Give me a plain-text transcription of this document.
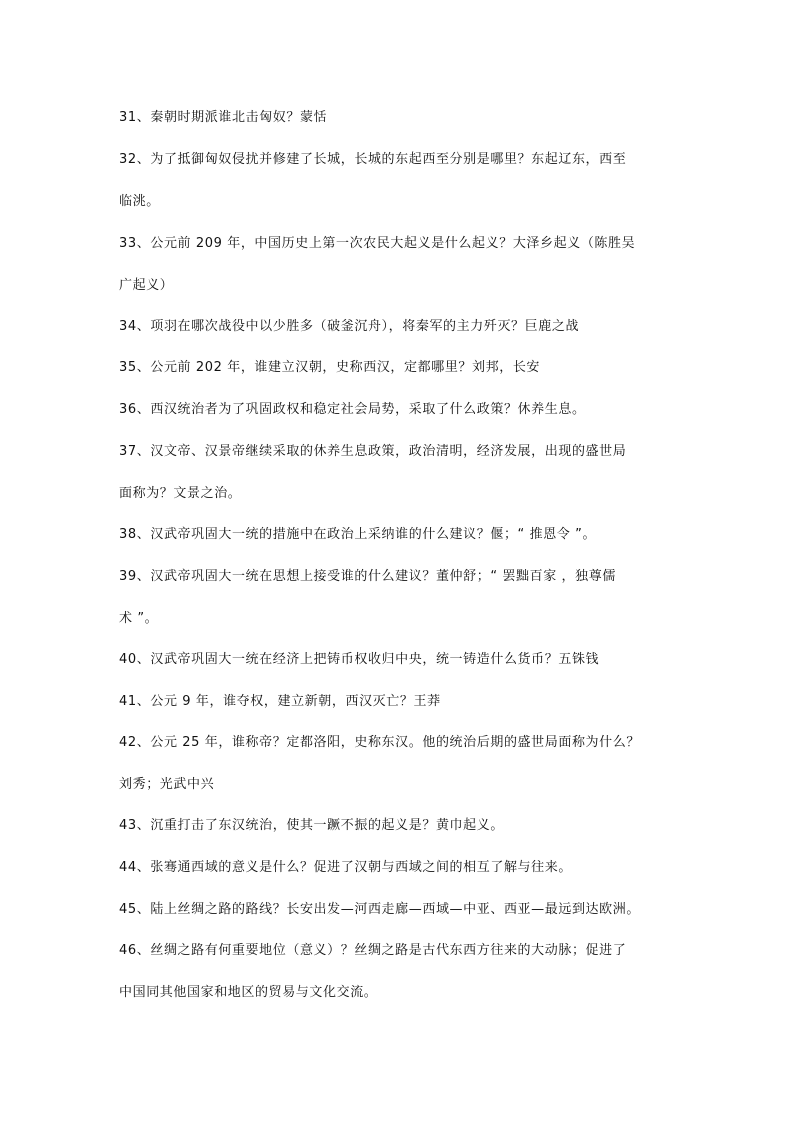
31、秦朝时期派谁北击匈奴？蒙恬
32、为了抵御匈奴侵扰并修建了长城，长城的东起西至分别是哪里？东起辽东，西至
临洮。
33、公元前 209 年，中国历史上第一次农民大起义是什么起义？大泽乡起义（陈胜吴
广起义）
34、项羽在哪次战役中以少胜多（破釜沉舟），将秦军的主力歼灭？巨鹿之战
35、公元前 202 年，谁建立汉朝，史称西汉，定都哪里？刘邦，长安
36、西汉统治者为了巩固政权和稳定社会局势，采取了什么政策？休养生息。
37、汉文帝、汉景帝继续采取的休养生息政策，政治清明，经济发展，出现的盛世局
面称为？文景之治。
38、汉武帝巩固大一统的措施中在政治上采纳谁的什么建议？偃；“ 推恩令 ”。
39、汉武帝巩固大一统在思想上接受谁的什么建议？董仲舒；“ 罢黜百家 ，独尊儒
术 ”。
40、汉武帝巩固大一统在经济上把铸币权收归中央，统一铸造什么货币？五铢钱
41、公元 9 年，谁夺权，建立新朝，西汉灭亡？王莽
42、公元 25 年，谁称帝？定都洛阳，史称东汉。他的统治后期的盛世局面称为什么？
刘秀；光武中兴
43、沉重打击了东汉统治，使其一蹶不振的起义是？黄巾起义。
44、张骞通西域的意义是什么？促进了汉朝与西域之间的相互了解与往来。
45、陆上丝绸之路的路线？长安出发—河西走廊—西域—中亚、西亚—最远到达欧洲。
46、丝绸之路有何重要地位（意义）？丝绸之路是古代东西方往来的大动脉；促进了
中国同其他国家和地区的贸易与文化交流。
